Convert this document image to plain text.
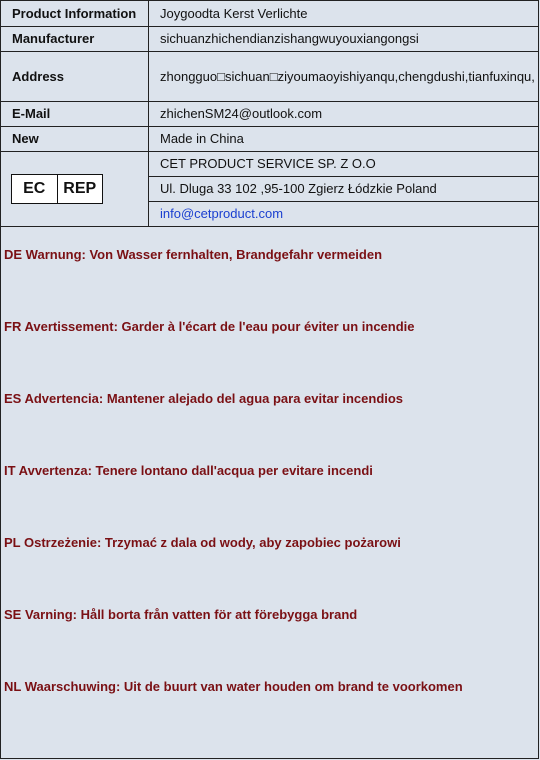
Product Information	Joygoodta Kerst Verlichte
Manufacturer	sichuanzhichendianzishangwuyouxiangongsi
Address	zhongguo□sichuan□ziyoumaoyishiyanqu,chengdushi,tianfuxinqu,
E-Mail	zhichenSM24@outlook.com
New	Made in China

EC REP	CET PRODUCT SERVICE SP. Z O.O
	Ul. Dluga 33 102 ,95-100 Zgierz Łódzkie Poland
	info@cetproduct.com
DE Warnung: Von Wasser fernhalten, Brandgefahr vermeiden
FR Avertissement: Garder à l'écart de l'eau pour éviter un incendie
ES Advertencia: Mantener alejado del agua para evitar incendios
IT Avvertenza: Tenere lontano dall'acqua per evitare incendi
PL Ostrzeżenie: Trzymać z dala od wody, aby zapobiec pożarowi
SE Varning: Håll borta från vatten för att förebygga brand
NL Waarschuwing: Uit de buurt van water houden om brand te voorkomen
